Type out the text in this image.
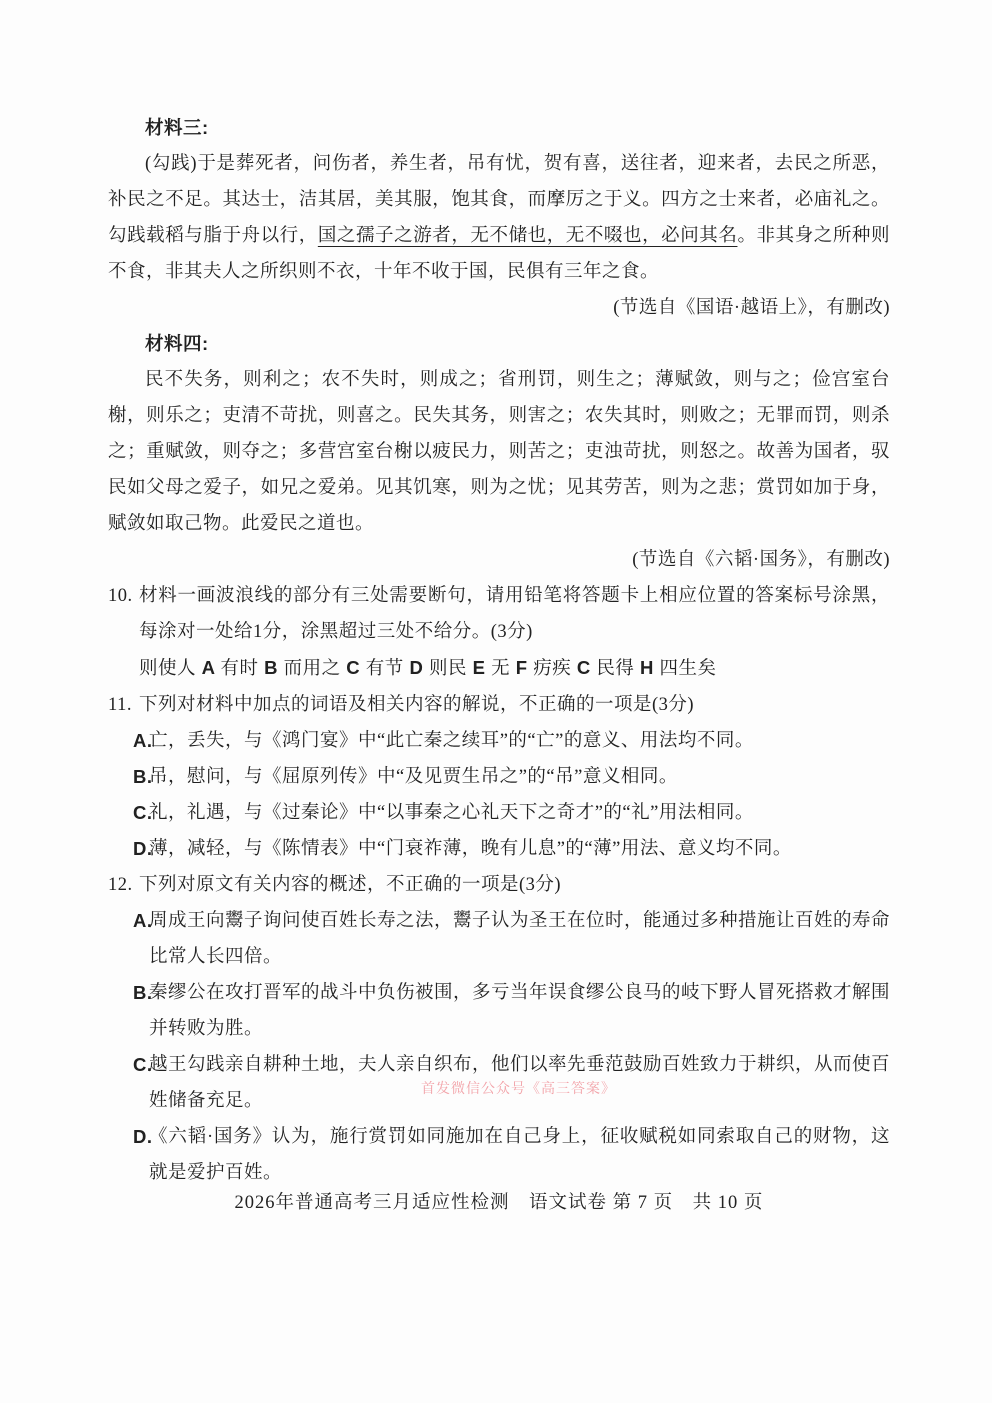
材料三:

(勾践)于是葬死者，问伤者，养生者，吊有忧，贺有喜，送往者，迎来者，去民之所恶，补民之不足。其达士，洁其居，美其服，饱其食，而摩厉之于义。四方之士来者，必庙礼之。勾践载稻与脂于舟以行，国之孺子之游者，无不储也，无不啜也，必问其名。非其身之所种则不食，非其夫人之所织则不衣，十年不收于国，民俱有三年之食。

(节选自《国语·越语上》，有删改)

材料四:

民不失务，则利之；农不失时，则成之；省刑罚，则生之；薄赋敛，则与之；俭宫室台榭，则乐之；吏清不苛扰，则喜之。民失其务，则害之；农失其时，则败之；无罪而罚，则杀之；重赋敛，则夺之；多营宫室台榭以疲民力，则苦之；吏浊苛扰，则怒之。故善为国者，驭民如父母之爱子，如兄之爱弟。见其饥寒，则为之忧；见其劳苦，则为之悲；赏罚如加于身，赋敛如取己物。此爱民之道也。

(节选自《六韬·国务》，有删改)

10. 材料一画波浪线的部分有三处需要断句，请用铅笔将答题卡上相应位置的答案标号涂黑，每涂对一处给1分，涂黑超过三处不给分。(3分)

则使人 A 有时 B 而用之 C 有节 D 则民 E 无 F 疠疾 C 民得 H 四生矣

11. 下列对材料中加点的词语及相关内容的解说，不正确的一项是(3分)

A.

亡，丢失，与《鸿门宴》中“此亡秦之续耳”的“亡”的意义、用法均不同。

B.

吊，慰问，与《屈原列传》中“及见贾生吊之”的“吊”意义相同。

C.

礼，礼遇，与《过秦论》中“以事秦之心礼天下之奇才”的“礼”用法相同。

D.

薄，减轻，与《陈情表》中“门衰祚薄，晚有儿息”的“薄”用法、意义均不同。

12. 下列对原文有关内容的概述，不正确的一项是(3分)

A.

周成王向鬻子询问使百姓长寿之法，鬻子认为圣王在位时，能通过多种措施让百姓的寿命比常人长四倍。

B.

秦缪公在攻打晋军的战斗中负伤被围，多亏当年误食缪公良马的岐下野人冒死搭救才解围并转败为胜。

C.

越王勾践亲自耕种土地，夫人亲自织布，他们以率先垂范鼓励百姓致力于耕织，从而使百姓储备充足。

D.

《六韬·国务》认为，施行赏罚如同施加在自己身上，征收赋税如同索取自己的财物，这就是爱护百姓。

2026年普通高考三月适应性检测　语文试卷 第 7 页　共 10 页

首发微信公众号《高三答案》
